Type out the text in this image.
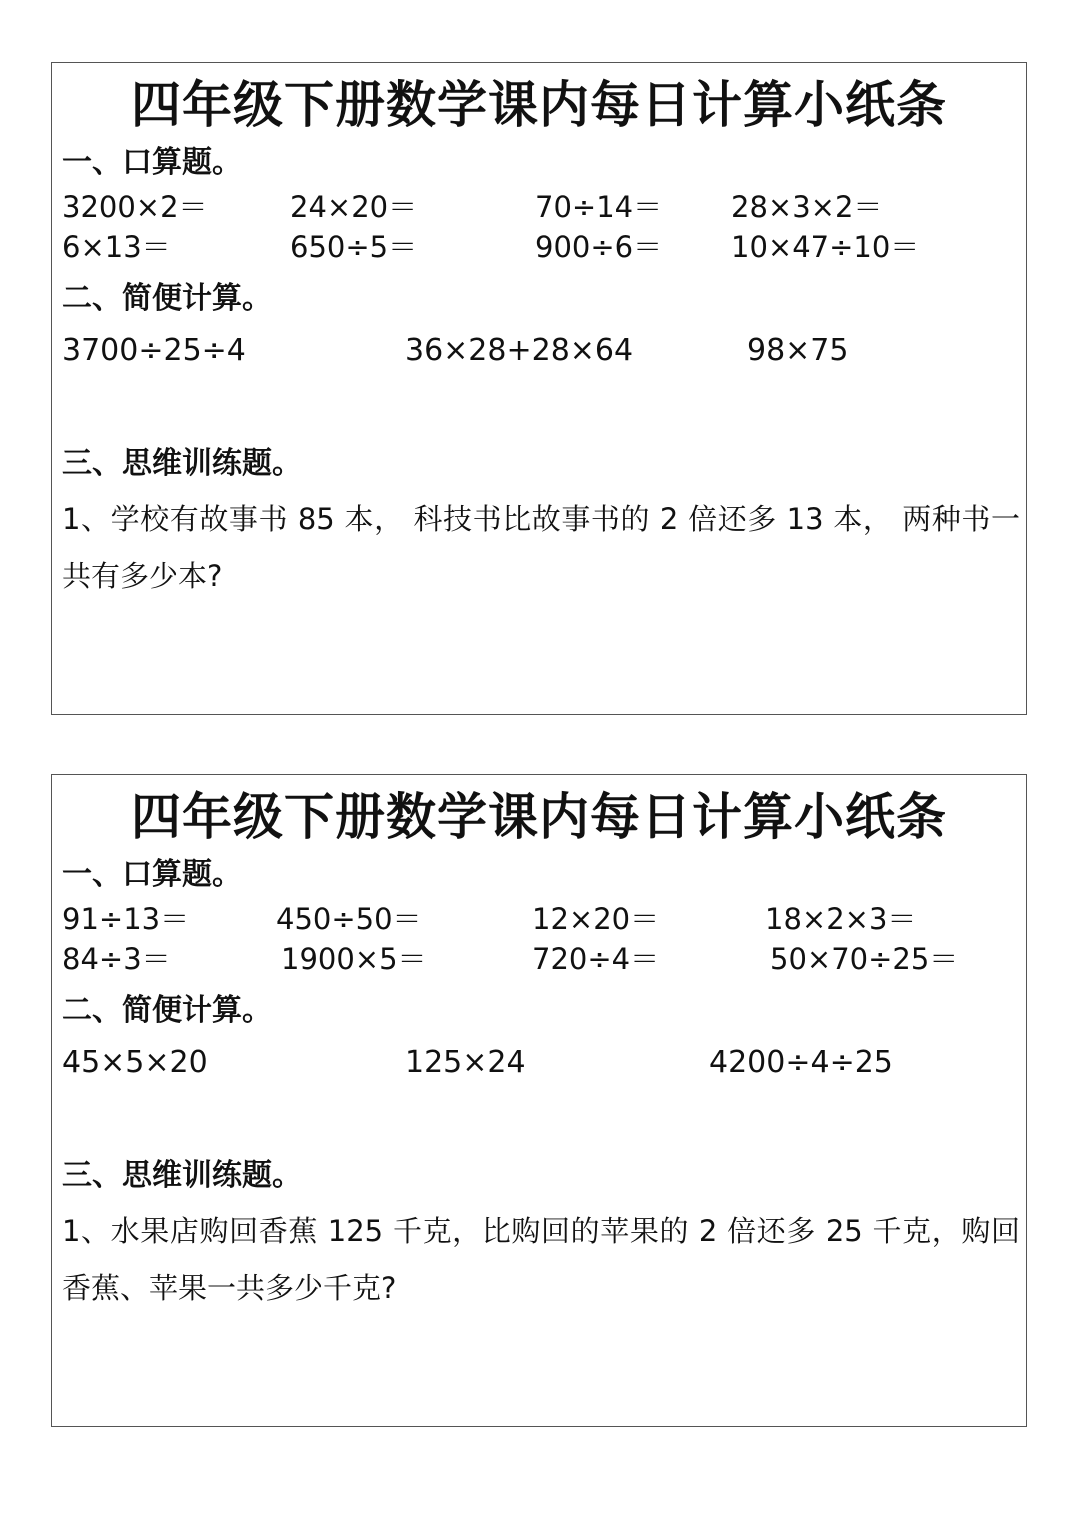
四年级下册数学课内每日计算小纸条
一、口算题。
3200×2＝	24×20＝	70÷14＝ 28×3×2＝
6×13＝	650÷5＝	900÷6＝ 10×47÷10＝
二、简便计算。
3700÷25÷4	36×28+28×64	98×75
三、思维训练题。

1、学校有故事书 85 本， 科技书比故事书的 2 倍还多 13 本， 两种书一共有多少本?

四年级下册数学课内每日计算小纸条
一、口算题。
91÷13＝	450÷50＝	12×20＝	18×2×3＝
84÷3＝	1900×5＝	720÷4＝	50×70÷25＝
二、简便计算。
45×5×20	125×24	4200÷4÷25
三、思维训练题。

1、水果店购回香蕉 125 千克，比购回的苹果的 2 倍还多 25 千克，购回香蕉、苹果一共多少千克?
